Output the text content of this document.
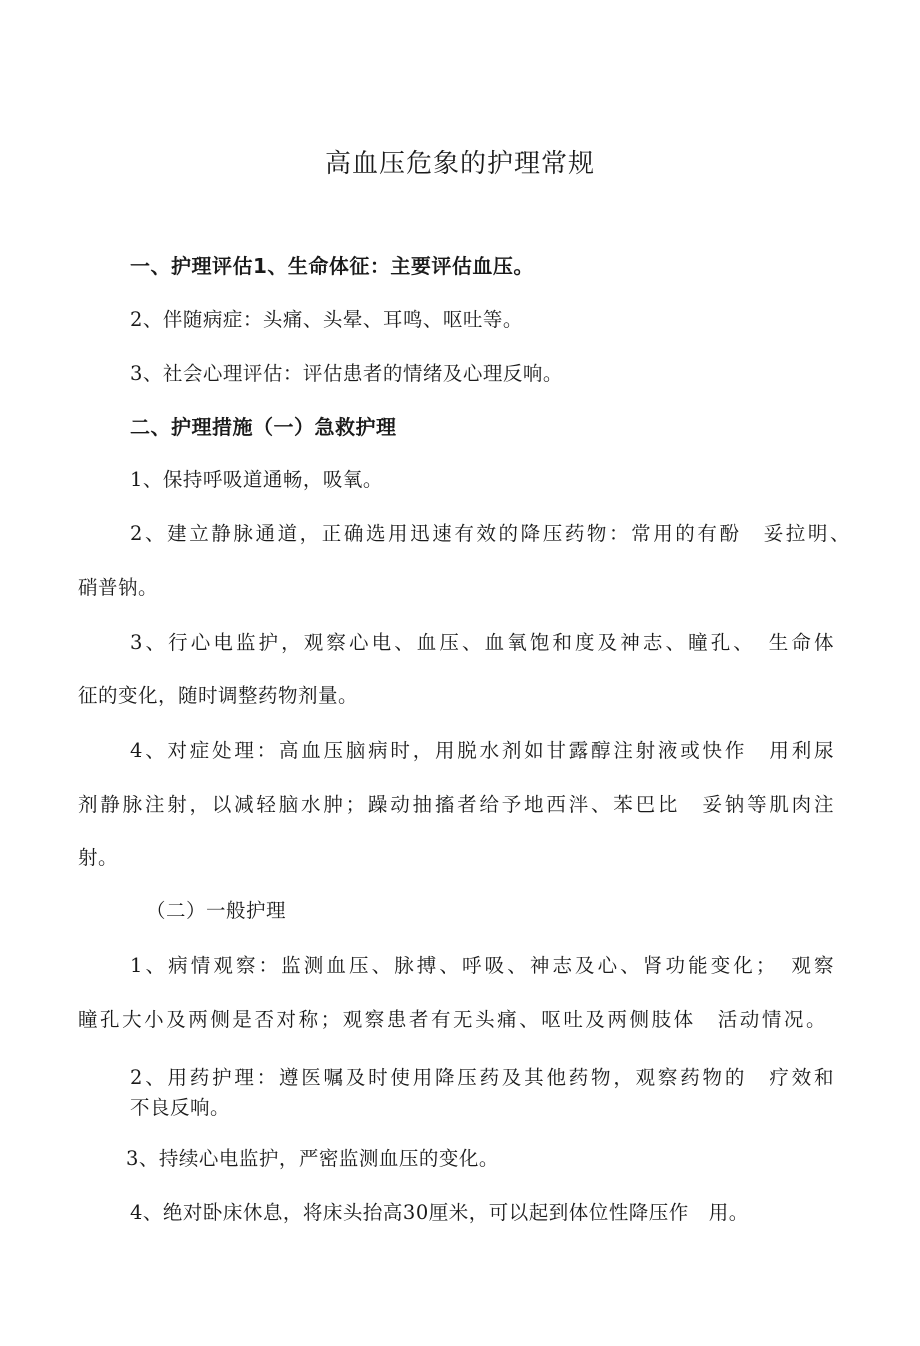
高血压危象的护理常规
一、护理评估1、生命体征：主要评估血压。
2、伴随病症：头痛、头晕、耳鸣、呕吐等。
3、社会心理评估：评估患者的情绪及心理反响。
二、护理措施（一）急救护理
1、保持呼吸道通畅，吸氧。
2、建立静脉通道，正确选用迅速有效的降压药物：常用的有酚　妥拉明、
硝普钠。
3、行心电监护，观察心电、血压、血氧饱和度及神志、瞳孔、　生命体
征的变化，随时调整药物剂量。
4、对症处理：高血压脑病时，用脱水剂如甘露醇注射液或快作　用利尿
剂静脉注射，以减轻脑水肿；躁动抽搐者给予地西泮、苯巴比　妥钠等肌肉注
射。
（二）一般护理
1、病情观察：监测血压、脉搏、呼吸、神志及心、肾功能变化；　观察
瞳孔大小及两侧是否对称；观察患者有无头痛、呕吐及两侧肢体　活动情况。
2、用药护理：遵医嘱及时使用降压药及其他药物，观察药物的　疗效和
不良反响。
3、持续心电监护，严密监测血压的变化。
4、绝对卧床休息，将床头抬高30厘米，可以起到体位性降压作　用。
